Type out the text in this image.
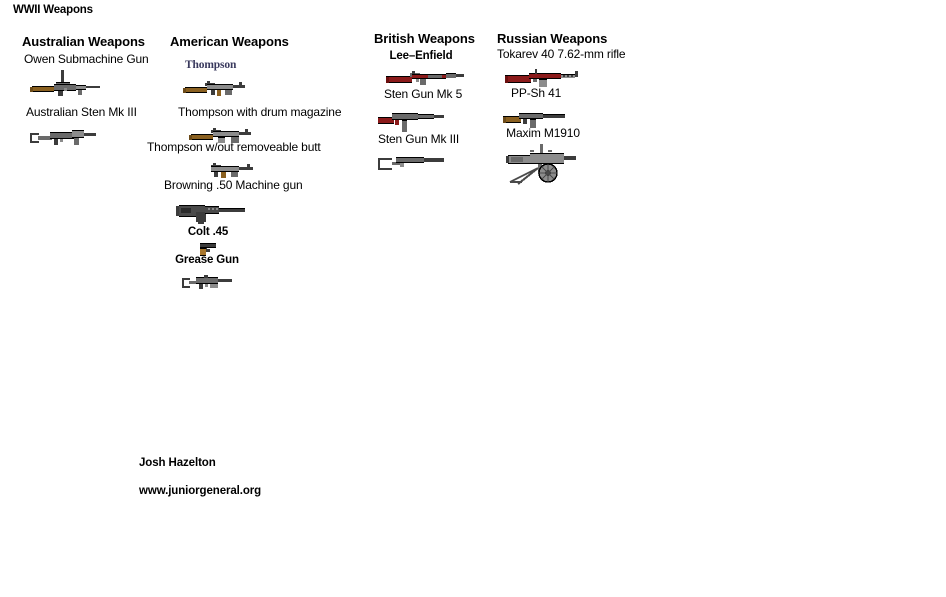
WWII Weapons
Australian Weapons
Owen Submachine Gun
Australian Sten Mk III
American Weapons
Thompson
Thompson with drum magazine
Thompson w/out removeable butt
Browning .50 Machine gun
Colt .45
Grease Gun
British Weapons
Lee–Enfield
Sten Gun Mk 5
Sten Gun Mk III
Russian Weapons
Tokarev 40 7.62-mm rifle
PP-Sh 41
Maxim M1910
Josh Hazelton
www.juniorgeneral.org
